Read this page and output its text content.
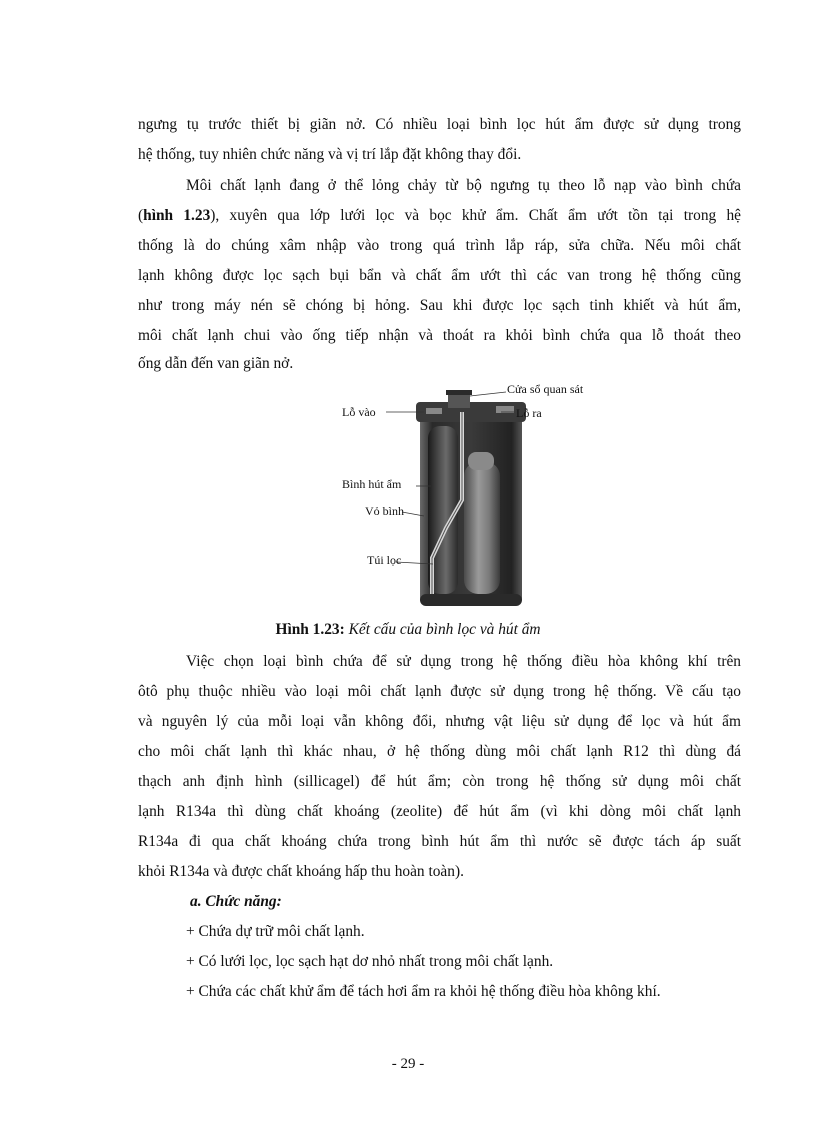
ngưng tụ trước thiết bị giãn nở. Có nhiều loại bình lọc hút ẩm được sử dụng trong
hệ thống, tuy nhiên chức năng và vị trí lắp đặt không thay đổi.
Môi chất lạnh đang ở thể lỏng chảy từ bộ ngưng tụ theo lỗ nạp vào bình chứa
(hình 1.23), xuyên qua lớp lưới lọc và bọc khử ẩm. Chất ẩm ướt tồn tại trong hệ
thống là do chúng xâm nhập vào trong quá trình lắp ráp, sửa chữa. Nếu môi chất
lạnh không được lọc sạch bụi bẩn và chất ẩm ướt thì các van trong hệ thống cũng
như trong máy nén sẽ chóng bị hỏng. Sau khi được lọc sạch tinh khiết và hút ẩm,
môi chất lạnh chui vào ống tiếp nhận và thoát ra khỏi bình chứa qua lỗ thoát theo
ống dẫn đến van giãn nở.
Cửa sổ quan sát
Lỗ vào	Lỗ ra
Bình hút ẩm
Vỏ bình
Túi lọc
Hình 1.23: Kết cấu của bình lọc và hút ẩm
Việc chọn loại bình chứa để sử dụng trong hệ thống điều hòa không khí trên
ôtô phụ thuộc nhiều vào loại môi chất lạnh được sử dụng trong hệ thống. Về cấu tạo
và nguyên lý của mỗi loại vẫn không đổi, nhưng vật liệu sử dụng để lọc và hút ẩm
cho môi chất lạnh thì khác nhau, ở hệ thống dùng môi chất lạnh R12 thì dùng đá
thạch anh định hình (sillicagel) để hút ẩm; còn trong hệ thống sử dụng môi chất
lạnh R134a thì dùng chất khoáng (zeolite) để hút ẩm (vì khi dòng môi chất lạnh
R134a đi qua chất khoáng chứa trong bình hút ẩm thì nước sẽ được tách áp suất
khỏi R134a và được chất khoáng hấp thu hoàn toàn).
a. Chức năng:
+ Chứa dự trữ môi chất lạnh.
+ Có lưới lọc, lọc sạch hạt dơ nhỏ nhất trong môi chất lạnh.
+ Chứa các chất khử ẩm để tách hơi ẩm ra khỏi hệ thống điều hòa không khí.
- 29 -
